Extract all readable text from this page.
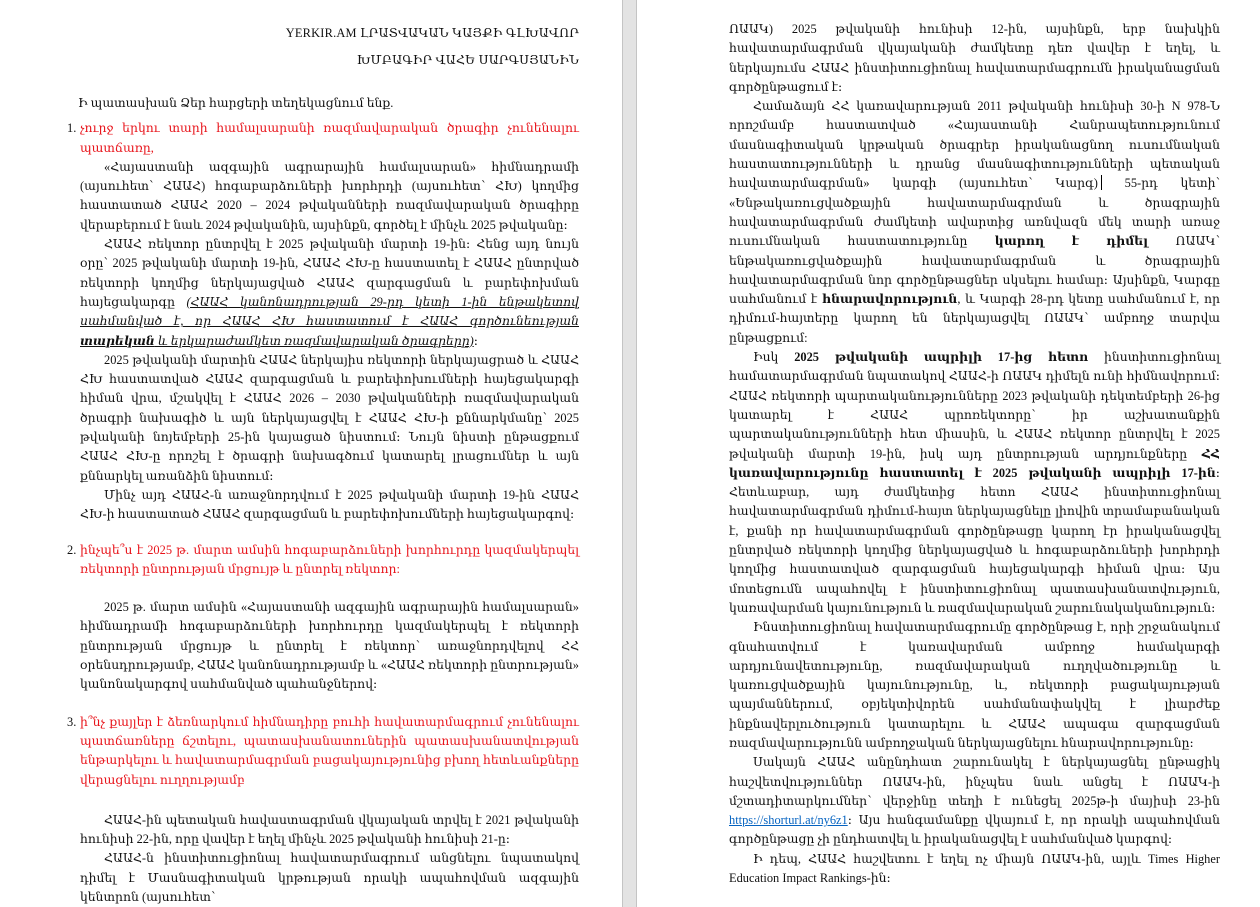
YERKIR.AM ԼՐԱՏՎԱԿԱՆ ԿԱՅՔԻ ԳԼԽԱՎՈՐ
ԽՄԲԱԳԻՐ ՎԱՀԵ ՍԱՐԳՍՅԱՆԻՆ

Ի պատասխան Ձեր հարցերի տեղեկացնում ենք.

1. չուրջ երկու տարի համալսարանի ռազմավարական ծրագիր չունենալու պատճառը,

«Հայաստանի ազգային ագրարային համալսարան» հիմնադրամի (այսուհետ՝ ՀԱԱՀ) հոգաբարձուների խորհրդի (այսուհետ՝ ՀԽ) կողմից հաստատած ՀԱԱՀ 2020 – 2024 թվականների ռազմավարական ծրագիրը վերաբերում է նաև 2024 թվականին, այսինքն, գործել է մինչև 2025 թվականը։

ՀԱԱՀ ռեկտոր ընտրվել է 2025 թվականի մարտի 19-ին։ Հենց այդ նույն օրը՝ 2025 թվականի մարտի 19-ին, ՀԱԱՀ ՀԽ-ը հաստատել է ՀԱԱՀ ընտրված ռեկտորի կողմից ներկայացված ՀԱԱՀ զարգացման և բարեփոխման հայեցակարգը (ՀԱԱՀ կանոնադրության 29-րդ կետի 1-ին ենթակետով սահմանված է, որ ՀԱԱՀ ՀԽ հաստատում է ՀԱԱՀ գործունեության տարեկան և երկարաժամկետ ռազմավարական ծրագրերը)։

2025 թվականի մարտին ՀԱԱՀ ներկայիս ռեկտորի ներկայացրած և ՀԱԱՀ ՀԽ հաստատված ՀԱԱՀ զարգացման և բարեփոխումների հայեցակարգի հիման վրա, մշակվել է ՀԱԱՀ 2026 – 2030 թվականների ռազմավարական ծրագրի նախագիծ և այն ներկայացվել է ՀԱԱՀ ՀԽ-ի քննարկմանը՝ 2025 թվականի նոյեմբերի 25-ին կայացած նիստում։ Նույն նիստի ընթացքում ՀԱԱՀ ՀԽ-ը որոշել է ծրագրի նախագծում կատարել լրացումներ և այն քննարկել առանձին նիստում։

Մինչ այդ ՀԱԱՀ-ն առաջնորդվում է 2025 թվականի մարտի 19-ին ՀԱԱՀ ՀԽ-ի հաստատած ՀԱԱՀ զարգացման և բարեփոխումների հայեցակարգով։

2. ինչպե՞ս է 2025 թ. մարտ ամսին հոգաբարձուների խորհուրդը կազմակերպել ռեկտորի ընտրության մրցույթ և ընտրել ռեկտոր:

2025 թ. մարտ ամսին «Հայաստանի ազգային ագրարային համալսարան» հիմնադրամի հոգաբարձուների խորհուրդը կազմակերպել է ռեկտորի ընտրության մրցույթ և ընտրել է ռեկտոր՝ առաջնորդվելով ՀՀ օրենսդրությամբ, ՀԱԱՀ կանոնադրությամբ և «ՀԱԱՀ ռեկտորի ընտրության» կանոնակարգով սահմանված պահանջներով։

3. ի՞նչ քայլեր է ձեռնարկում հիմնադիրը բուհի հավատարմագրում չունենալու պատճառները ճշտելու, պատասխանատուներին պատասխանատվության ենթարկելու և հավատարմագրման բացակայությունից բխող հետևանքները վերացնելու ուղղությամբ

ՀԱԱՀ-ին պետական հավաստագրման վկայական տրվել է 2021 թվականի հունիսի 22-ին, որը վավեր է եղել մինչև 2025 թվականի հունիսի 21-ը։

ՀԱԱՀ-ն ինստիտուցիոնալ հավատարմագրում անցնելու նպատակով դիմել է Մասնագիտական կրթության որակի ապահովման ազգային կենտրոն (այսուհետ՝

ՈԱԱԿ) 2025 թվականի հունիսի 12-ին, այսինքն, երբ նախկին հավատարմագրման վկայականի ժամկետը դեռ վավեր է եղել, և ներկայումս ՀԱԱՀ ինստիտուցիոնալ հավատարմագրումն իրականացման գործընթացում է։

Համաձայն ՀՀ կառավարության 2011 թվականի հունիսի 30-ի N 978-Ն որոշմամբ հաստատված «Հայաստանի Հանրապետությունում մասնագիտական կրթական ծրագրեր իրականացնող ուսումնական հաստատությունների և դրանց մասնագիտությունների պետական հավատարմագրման» կարգի (այսուհետ՝ Կարգ) 55-րդ կետի՝ «Ենթակառուցվածքային հավատարմագրման և ծրագրային հավատարմագրման ժամկետի ավարտից առնվազն մեկ տարի առաջ ուսումնական հաստատությունը կարող է դիմել ՈԱԱԿ՝ ենթակառուցվածքային հավատարմագրման և ծրագրային հավատարմագրման նոր գործընթացներ սկսելու համար։ Այսինքն, Կարգը սահմանում է հնարավորություն, և Կարգի 28-րդ կետը սահմանում է, որ դիմում-հայտերը կարող են ներկայացվել ՈԱԱԿ՝ ամբողջ տարվա ընթացքում:

Իսկ 2025 թվականի ապրիլի 17-ից հետո ինստիտուցիոնալ համատարմագրման նպատակով ՀԱԱՀ-ի ՈԱԱԿ դիմելն ունի հիմնավորում։ ՀԱԱՀ ռեկտորի պարտականությունները 2023 թվականի դեկտեմբերի 26-ից կատարել է ՀԱԱՀ պրոռեկտորը՝ իր աշխատանքին պարտականությունների հետ միասին, և ՀԱԱՀ ռեկտոր ընտրվել է 2025 թվականի մարտի 19-ին, իսկ այդ ընտրության արդյունքները ՀՀ կառավարությունը հաստատել է 2025 թվականի ապրիլի 17-ին։ Հետևաբար, այդ ժամկետից հետո ՀԱԱՀ ինստիտուցիոնալ հավատարմագրման դիմում-հայտ ներկայացնելը լիովին տրամաբանական է, քանի որ հավատարմագրման գործընթացը կարող էր իրականացվել ընտրված ռեկտորի կողմից ներկայացված և հոգաբարձուների խորհրդի կողմից հաստատված զարգացման հայեցակարգի հիման վրա։ Այս մոտեցումն ապահովել է ինստիտուցիոնալ պատասխանատվություն, կառավարման կայունություն և ռազմավարական շարունակականություն։

Ինստիտուցիոնալ հավատարմագրումը գործընթաց է, որի շրջանակում գնահատվում է կառավարման ամբողջ համակարգի արդյունավետությունը, ռազմավարական ուղղվածությունը և կառուցվածքային կայունությունը, և, ռեկտորի բացակայության պայմաններում, օբյեկտիվորեն սահմանափակվել է լիարժեք ինքնավերլուծություն կատարելու և ՀԱԱՀ ապագա զարգացման ռազմավարությունն ամբողջական ներկայացնելու հնարավորությունը։

Սակայն ՀԱԱՀ անընդհատ շարունակել է ներկայացնել ընթացիկ հաշվետվություններ ՈԱԱԿ-ին, ինչպես նաև անցել է ՈԱԱԿ-ի մշտադիտարկումներ՝ վերջինը տեղի է ունեցել 2025թ-ի մայիսի 23-ին https://shorturl.at/ny6z1։ Այս հանգամանքը վկայում է, որ որակի ապահովման գործընթացը չի ընդհատվել և իրականացվել է սահմանված կարգով։

Ի դեպ, ՀԱԱՀ հաշվետու է եղել ոչ միայն ՈԱԱԿ-ին, այլև Times Higher Education Impact Rankings-ին։
